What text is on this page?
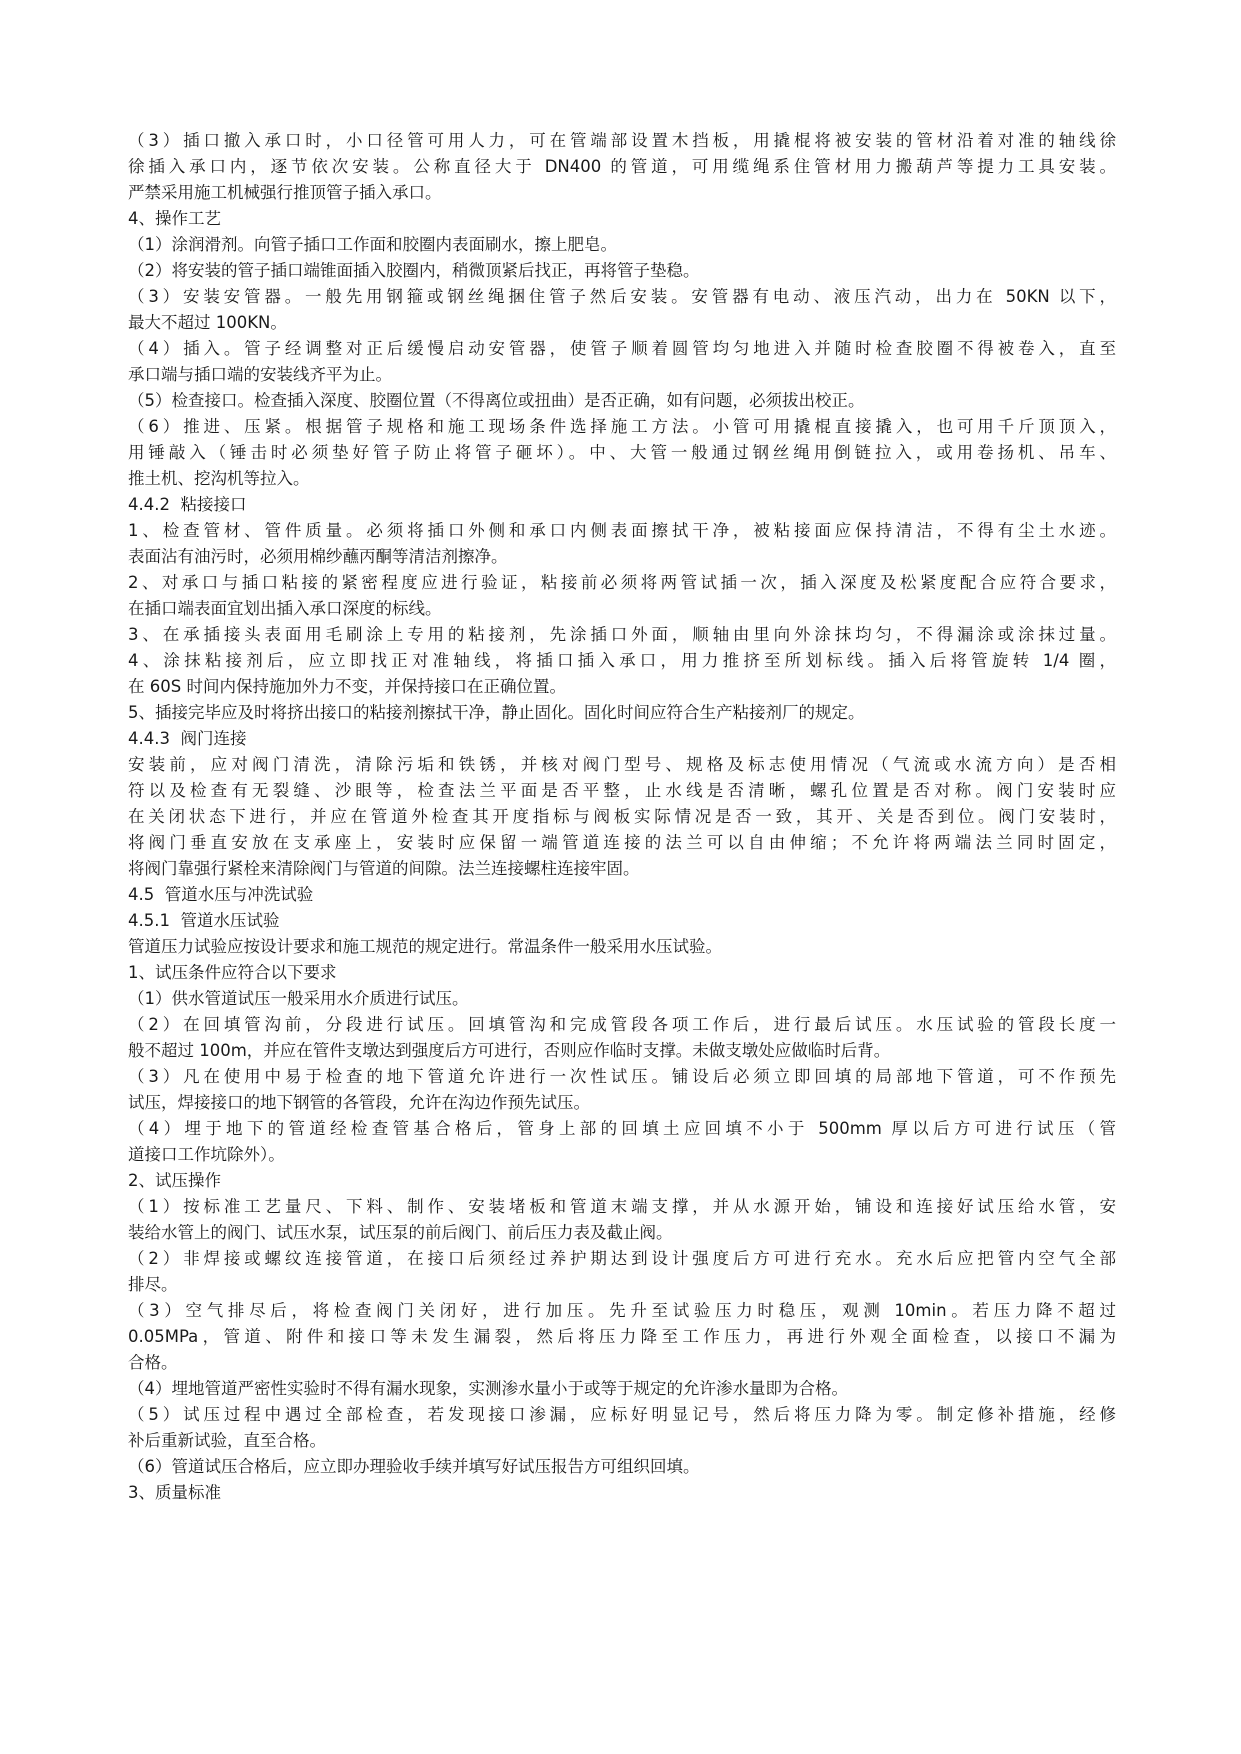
（3）插口撤入承口时，小口径管可用人力，可在管端部设置木挡板，用撬棍将被安装的管材沿着对准的轴线徐

徐插入承口内，逐节依次安装。公称直径大于 DN400 的管道，可用缆绳系住管材用力搬葫芦等提力工具安装。

严禁采用施工机械强行推顶管子插入承口。

4、操作工艺

（1）涂润滑剂。向管子插口工作面和胶圈内表面刷水，擦上肥皂。

（2）将安装的管子插口端锥面插入胶圈内，稍微顶紧后找正，再将管子垫稳。

（3）安装安管器。一般先用钢箍或钢丝绳捆住管子然后安装。安管器有电动、液压汽动，出力在 50KN 以下，

最大不超过 100KN。

（4）插入。管子经调整对正后缓慢启动安管器，使管子顺着圆管均匀地进入并随时检查胶圈不得被卷入，直至

承口端与插口端的安装线齐平为止。

（5）检查接口。检查插入深度、胶圈位置（不得离位或扭曲）是否正确，如有问题，必须拔出校正。

（6）推进、压紧。根据管子规格和施工现场条件选择施工方法。小管可用撬棍直接撬入，也可用千斤顶顶入，

用锤敲入（锤击时必须垫好管子防止将管子砸坏）。中、大管一般通过钢丝绳用倒链拉入，或用卷扬机、吊车、

推土机、挖沟机等拉入。

4.4.2  粘接接口

1、检查管材、管件质量。必须将插口外侧和承口内侧表面擦拭干净，被粘接面应保持清洁，不得有尘土水迹。

表面沾有油污时，必须用棉纱蘸丙酮等清洁剂擦净。

2、对承口与插口粘接的紧密程度应进行验证，粘接前必须将两管试插一次，插入深度及松紧度配合应符合要求，

在插口端表面宜划出插入承口深度的标线。

3、在承插接头表面用毛刷涂上专用的粘接剂，先涂插口外面，顺轴由里向外涂抹均匀，不得漏涂或涂抹过量。

4、涂抹粘接剂后，应立即找正对准轴线，将插口插入承口，用力推挤至所划标线。插入后将管旋转 1/4 圈，

在 60S 时间内保持施加外力不变，并保持接口在正确位置。

5、插接完毕应及时将挤出接口的粘接剂擦拭干净，静止固化。固化时间应符合生产粘接剂厂的规定。

4.4.3  阀门连接

安装前，应对阀门清洗，清除污垢和铁锈，并核对阀门型号、规格及标志使用情况（气流或水流方向）是否相

符以及检查有无裂缝、沙眼等，检查法兰平面是否平整，止水线是否清晰，螺孔位置是否对称。阀门安装时应

在关闭状态下进行，并应在管道外检查其开度指标与阀板实际情况是否一致，其开、关是否到位。阀门安装时，

将阀门垂直安放在支承座上，安装时应保留一端管道连接的法兰可以自由伸缩；不允许将两端法兰同时固定，

将阀门靠强行紧栓来清除阀门与管道的间隙。法兰连接螺柱连接牢固。

4.5  管道水压与冲洗试验

4.5.1  管道水压试验

管道压力试验应按设计要求和施工规范的规定进行。常温条件一般采用水压试验。

1、试压条件应符合以下要求

（1）供水管道试压一般采用水介质进行试压。

（2）在回填管沟前，分段进行试压。回填管沟和完成管段各项工作后，进行最后试压。水压试验的管段长度一

般不超过 100m，并应在管件支墩达到强度后方可进行，否则应作临时支撑。未做支墩处应做临时后背。

（3）凡在使用中易于检查的地下管道允许进行一次性试压。铺设后必须立即回填的局部地下管道，可不作预先

试压，焊接接口的地下钢管的各管段，允许在沟边作预先试压。

（4）埋于地下的管道经检查管基合格后，管身上部的回填土应回填不小于 500mm 厚以后方可进行试压（管

道接口工作坑除外）。

2、试压操作

（1）按标准工艺量尺、下料、制作、安装堵板和管道末端支撑，并从水源开始，铺设和连接好试压给水管，安

装给水管上的阀门、试压水泵，试压泵的前后阀门、前后压力表及截止阀。

（2）非焊接或螺纹连接管道，在接口后须经过养护期达到设计强度后方可进行充水。充水后应把管内空气全部

排尽。

（3）空气排尽后，将检查阀门关闭好，进行加压。先升至试验压力时稳压，观测 10min。若压力降不超过

0.05MPa，管道、附件和接口等未发生漏裂，然后将压力降至工作压力，再进行外观全面检查，以接口不漏为

合格。

（4）埋地管道严密性实验时不得有漏水现象，实测渗水量小于或等于规定的允许渗水量即为合格。

（5）试压过程中遇过全部检查，若发现接口渗漏，应标好明显记号，然后将压力降为零。制定修补措施，经修

补后重新试验，直至合格。

（6）管道试压合格后，应立即办理验收手续并填写好试压报告方可组织回填。

3、质量标准
